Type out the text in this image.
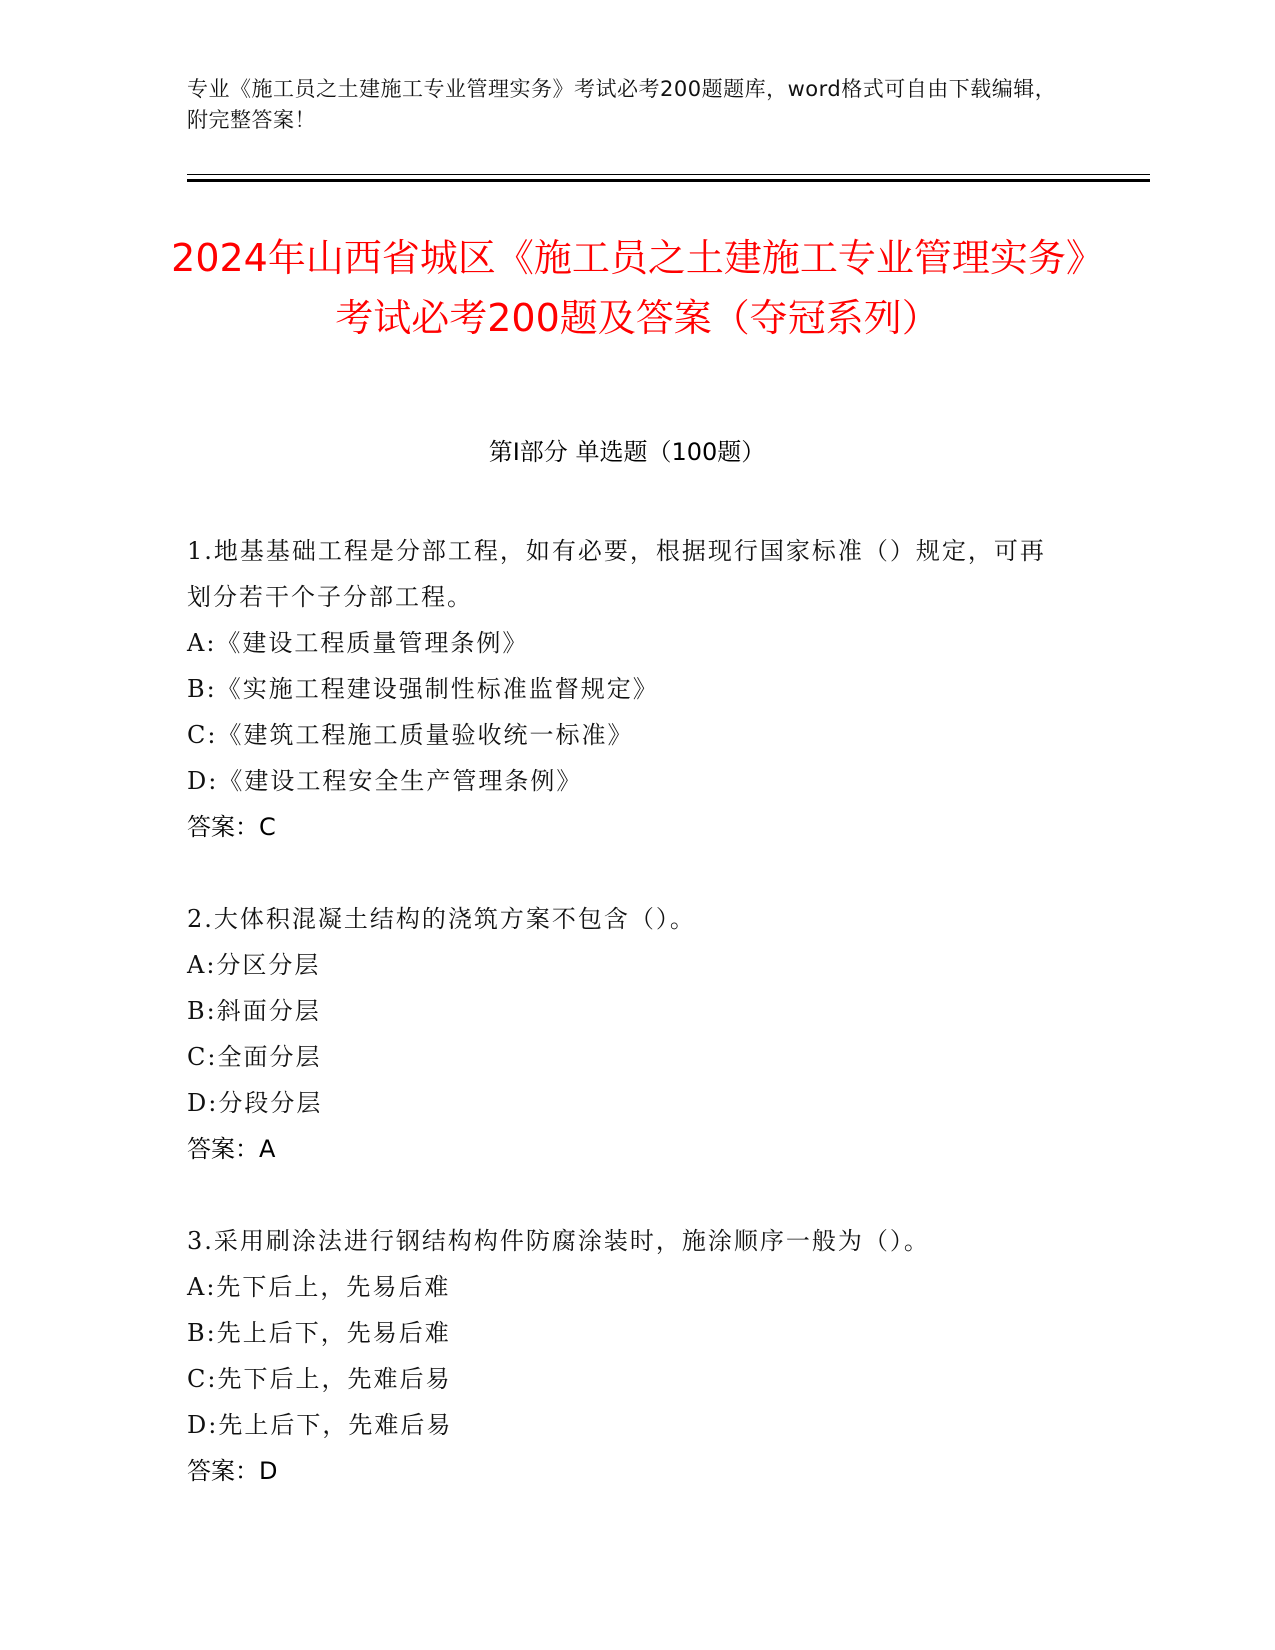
专业《施工员之土建施工专业管理实务》考试必考200题题库，word格式可自由下载编辑，附完整答案！
2024年山西省城区《施工员之土建施工专业管理实务》考试必考200题及答案（夺冠系列）
第Ⅰ部分 单选题（100题）
1.地基基础工程是分部工程，如有必要，根据现行国家标准（）规定，可再划分若干个子分部工程。
A:《建设工程质量管理条例》
B:《实施工程建设强制性标准监督规定》
C:《建筑工程施工质量验收统一标准》
D:《建设工程安全生产管理条例》
答案：C
2.大体积混凝土结构的浇筑方案不包含（）。
A:分区分层
B:斜面分层
C:全面分层
D:分段分层
答案：A
3.采用刷涂法进行钢结构构件防腐涂装时，施涂顺序一般为（）。
A:先下后上，先易后难
B:先上后下，先易后难
C:先下后上，先难后易
D:先上后下，先难后易
答案：D
